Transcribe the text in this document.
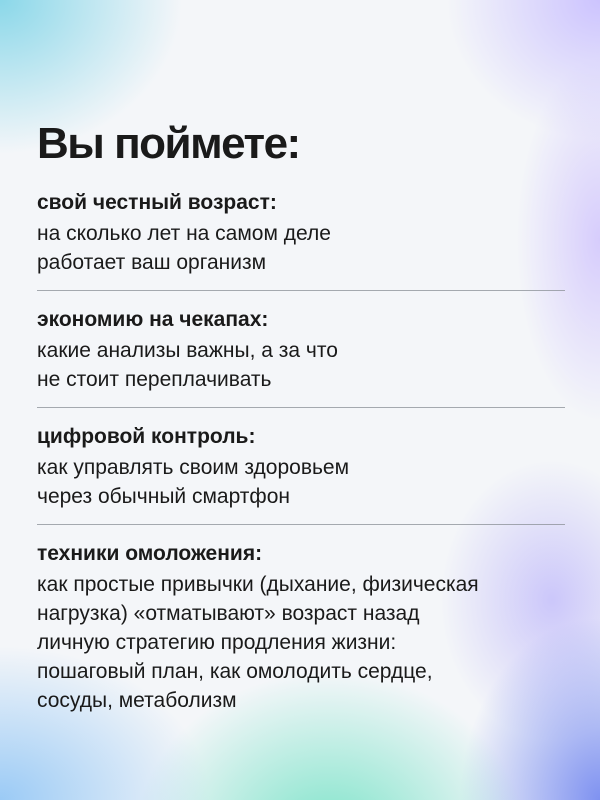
Вы поймете:
свой честный возраст:
на сколько лет на самом деле
работает ваш организм
экономию на чекапах:
какие анализы важны, а за что
не стоит переплачивать
цифровой контроль:
как управлять своим здоровьем
через обычный смартфон
техники омоложения:
как простые привычки (дыхание, физическая
нагрузка) «отматывают» возраст назад
личную стратегию продления жизни:
пошаговый план, как омолодить сердце,
сосуды, метаболизм
